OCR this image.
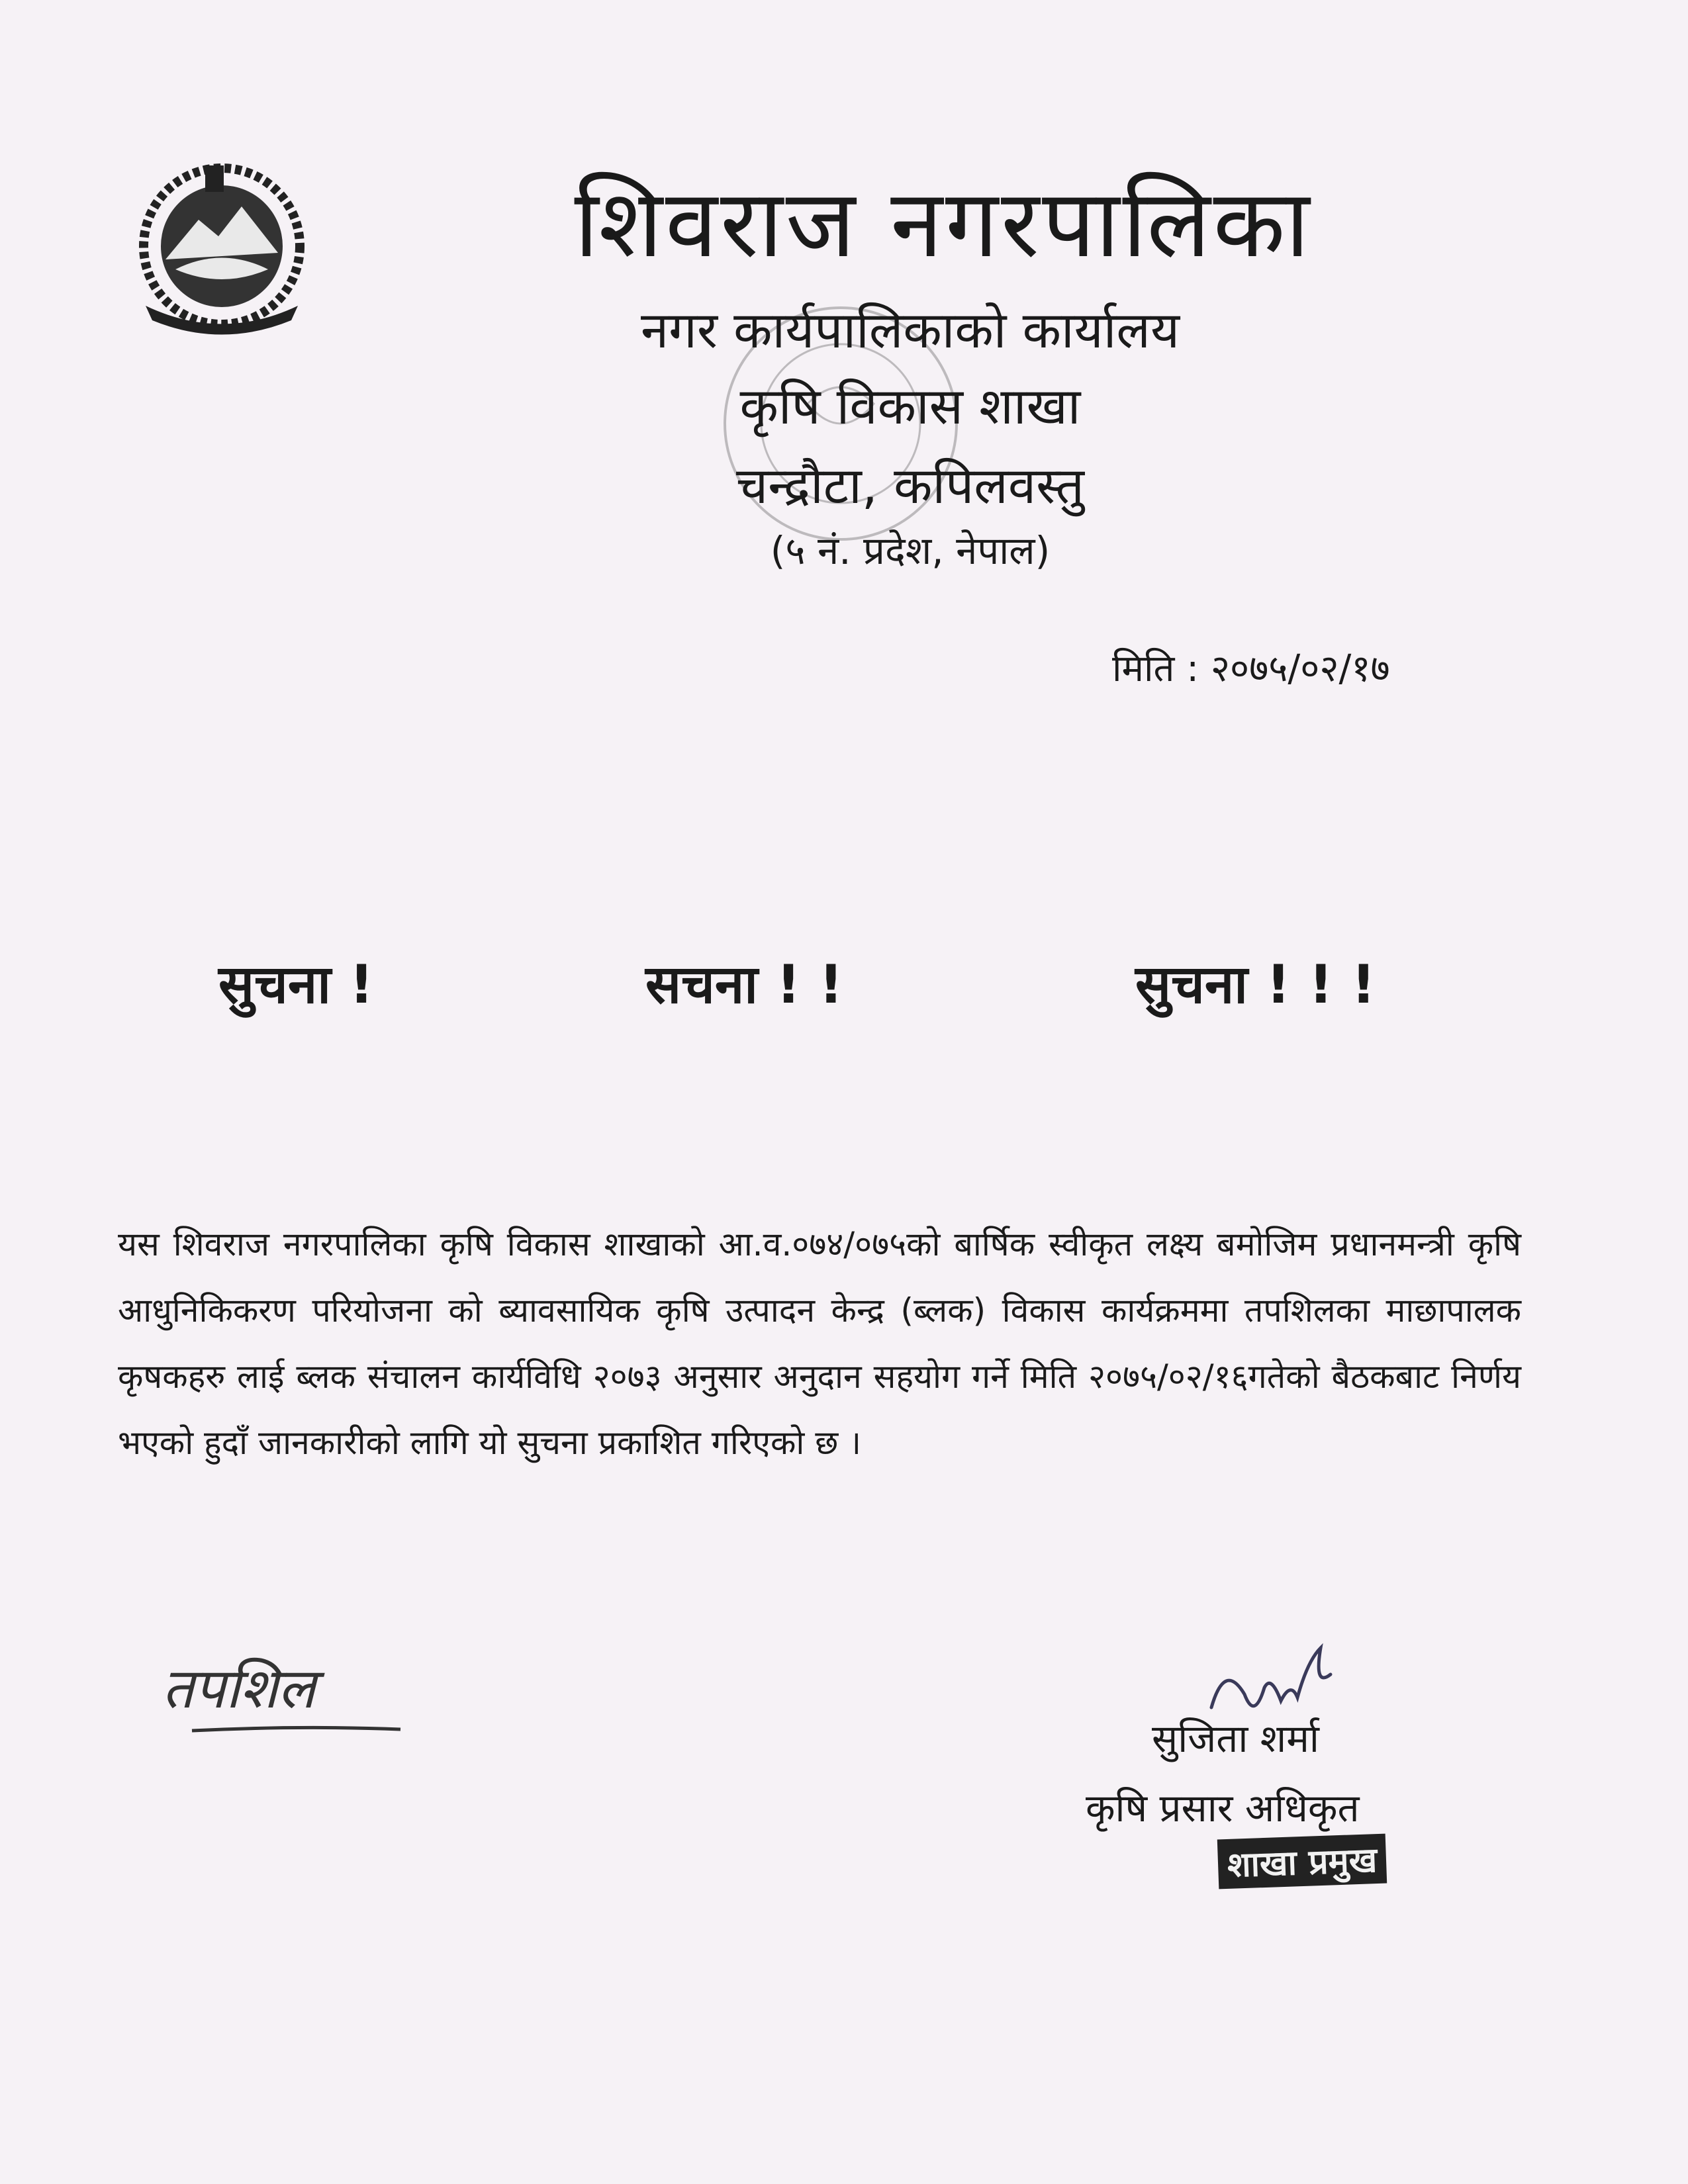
शिवराज नगरपालिका
नगर कार्यपालिकाको कार्यालय
कृषि विकास शाखा
चन्द्रौटा, कपिलवस्तु
(५ नं. प्रदेश, नेपाल)
मिति : २०७५/०२/१७
सुचना !	सचना ! !	सुचना ! ! !
यस शिवराज नगरपालिका कृषि विकास शाखाको आ.व.०७४/०७५को बार्षिक स्वीकृत लक्ष्य बमोजिम प्रधानमन्त्री कृषि आधुनिकिकरण परियोजना को ब्यावसायिक कृषि उत्पादन केन्द्र (ब्लक) विकास कार्यक्रममा तपशिलका माछापालक कृषकहरु लाई ब्लक संचालन कार्यविधि २०७३ अनुसार अनुदान सहयोग गर्ने मिति २०७५/०२/१६गतेको बैठकबाट निर्णय भएको हुदाँ जानकारीको लागि यो सुचना प्रकाशित गरिएको छ ।
तपशिल
सुजिता शर्मा
कृषि प्रसार अधिकृत
शाखा प्रमुख
